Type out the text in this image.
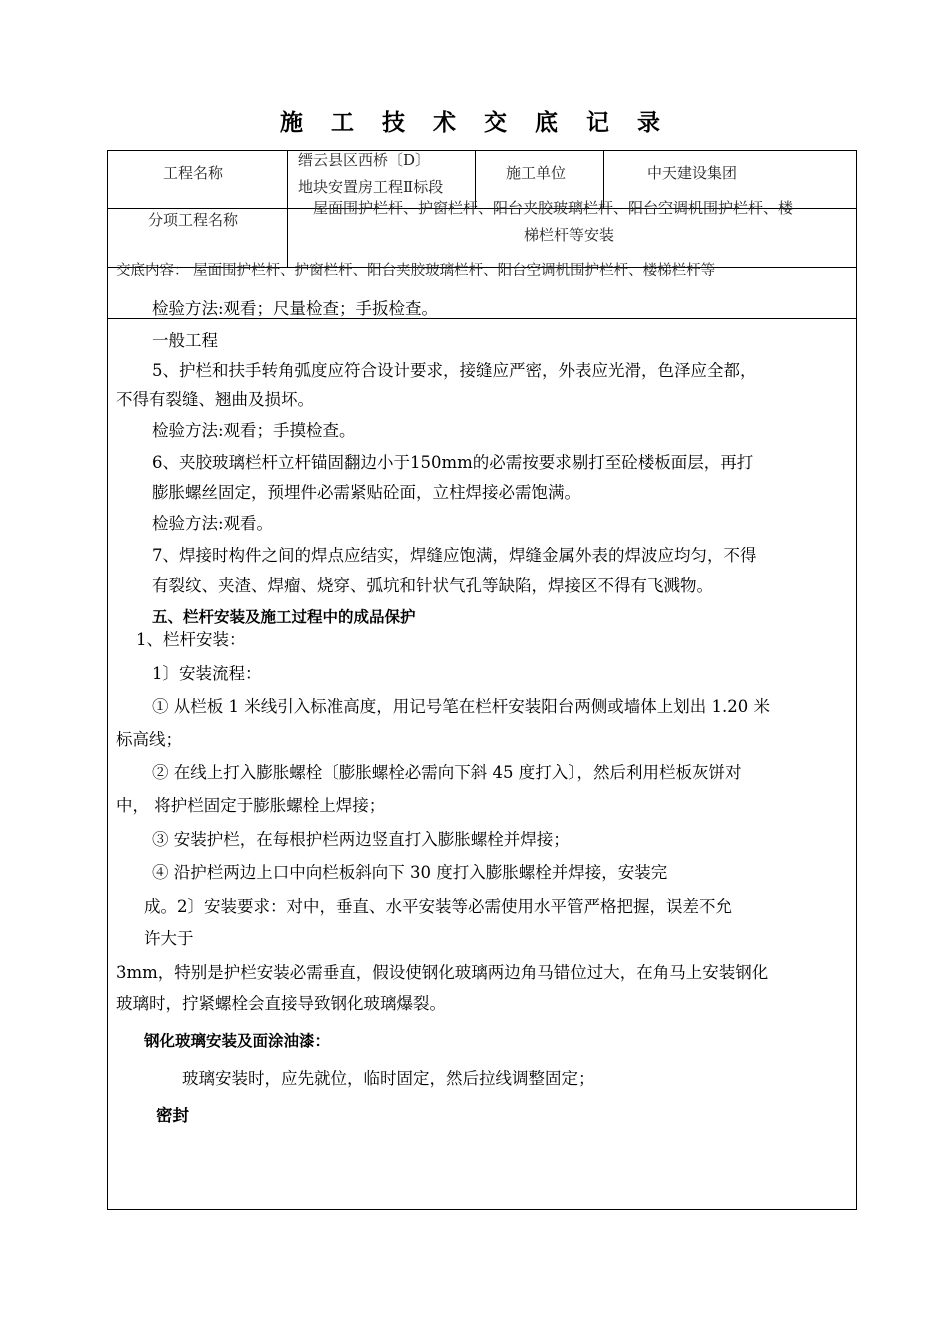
施 工 技 术 交 底 记 录
工程名称
缙云县区西桥〔D〕
地块安置房工程Ⅱ标段
施工单位	中天建设集团
分项工程名称
屋面围护栏杆、护窗栏杆、阳台夹胶玻璃栏杆、阳台空调机围护栏杆、楼
梯栏杆等安装
交底内容： 屋面围护栏杆、护窗栏杆、阳台夹胶玻璃栏杆、阳台空调机围护栏杆、楼梯栏杆等
检验方法:观看；尺量检查；手扳检查。
一般工程
5、护栏和扶手转角弧度应符合设计要求，接缝应严密，外表应光滑，色泽应全都，
不得有裂缝、翘曲及损坏。
检验方法:观看；手摸检查。
6、夹胶玻璃栏杆立杆锚固翻边小于150mm的必需按要求剔打至砼楼板面层，再打
膨胀螺丝固定，预埋件必需紧贴砼面，立柱焊接必需饱满。
检验方法:观看。
7、焊接时构件之间的焊点应结实，焊缝应饱满，焊缝金属外表的焊波应均匀，不得
有裂纹、夹渣、焊瘤、烧穿、弧坑和针状气孔等缺陷，焊接区不得有飞溅物。
五、栏杆安装及施工过程中的成品保护
1、栏杆安装：
1〕安装流程：
① 从栏板 1 米线引入标准高度，用记号笔在栏杆安装阳台两侧或墙体上划出 1.20 米
标高线；
② 在线上打入膨胀螺栓〔膨胀螺栓必需向下斜 45 度打入〕，然后利用栏板灰饼对
中， 将护栏固定于膨胀螺栓上焊接；
③ 安装护栏，在每根护栏两边竖直打入膨胀螺栓并焊接；
④ 沿护栏两边上口中向栏板斜向下 30 度打入膨胀螺栓并焊接，安装完
成。2〕安装要求：对中，垂直、水平安装等必需使用水平管严格把握，误差不允
许大于
3mm，特别是护栏安装必需垂直，假设使钢化玻璃两边角马错位过大，在角马上安装钢化
玻璃时，拧紧螺栓会直接导致钢化玻璃爆裂。
钢化玻璃安装及面涂油漆：
玻璃安装时，应先就位，临时固定，然后拉线调整固定；
密封
